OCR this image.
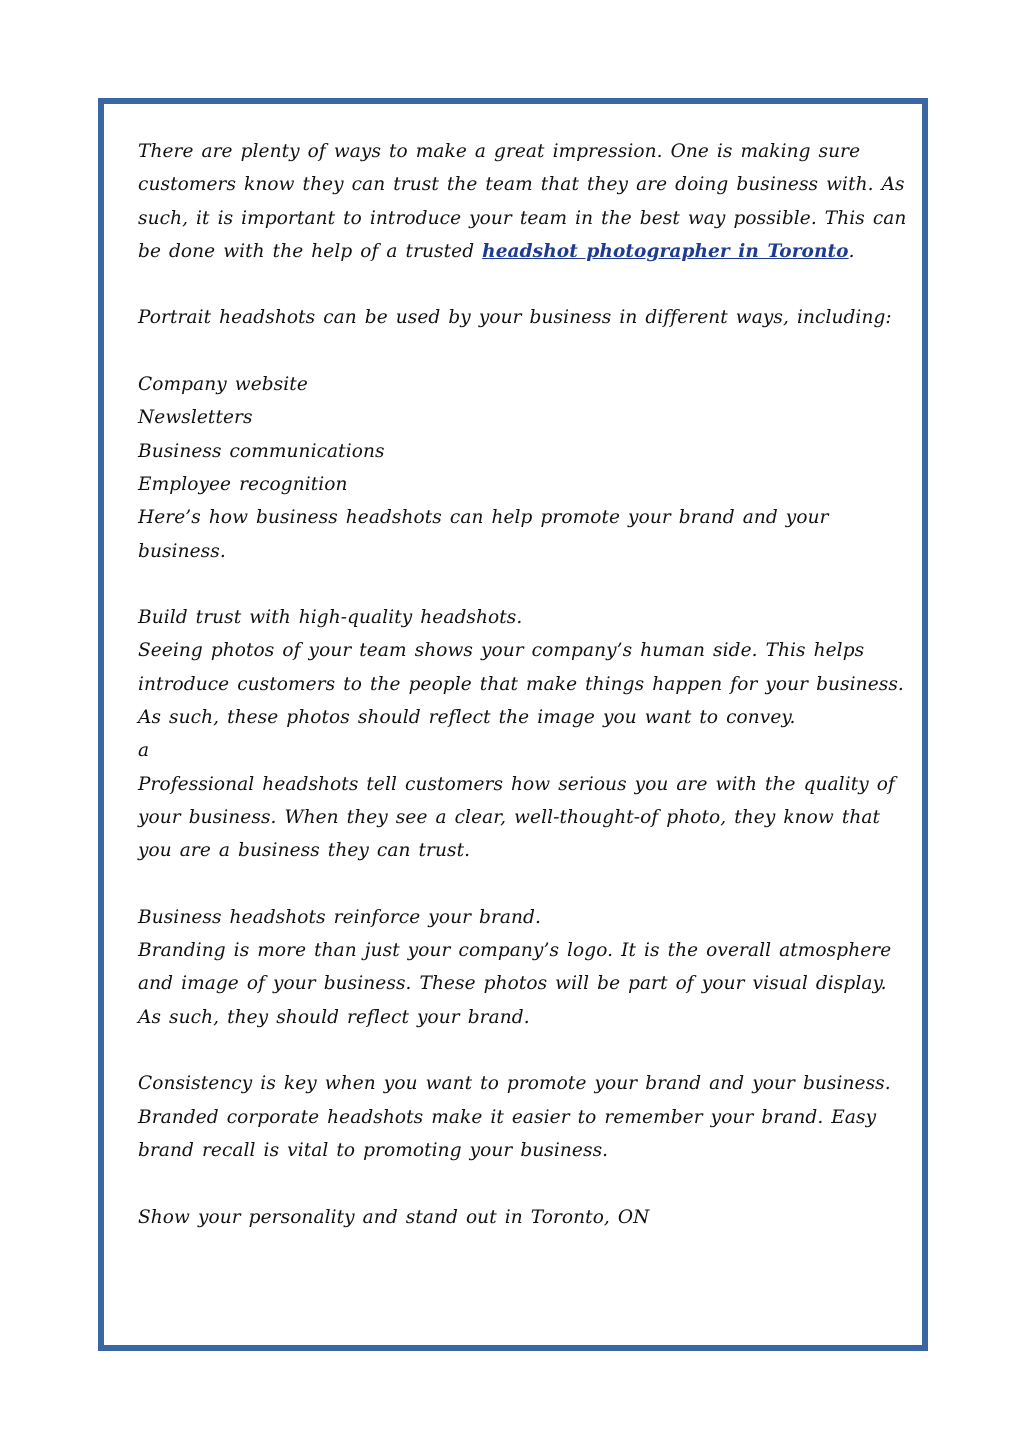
There are plenty of ways to make a great impression. One is making sure customers know they can trust the team that they are doing business with. As such, it is important to introduce your team in the best way possible. This can be done with the help of a trusted headshot photographer in Toronto.

Portrait headshots can be used by your business in different ways, including:

Company website

Newsletters

Business communications

Employee recognition

Here’s how business headshots can help promote your brand and your business.

Build trust with high-quality headshots.

Seeing photos of your team shows your company’s human side. This helps introduce customers to the people that make things happen for your business. As such, these photos should reflect the image you want to convey.

a

Professional headshots tell customers how serious you are with the quality of your business. When they see a clear, well-thought-of photo, they know that you are a business they can trust.

Business headshots reinforce your brand.

Branding is more than just your company’s logo. It is the overall atmosphere and image of your business. These photos will be part of your visual display. As such, they should reflect your brand.

Consistency is key when you want to promote your brand and your business. Branded corporate headshots make it easier to remember your brand. Easy brand recall is vital to promoting your business.

Show your personality and stand out in Toronto, ON
